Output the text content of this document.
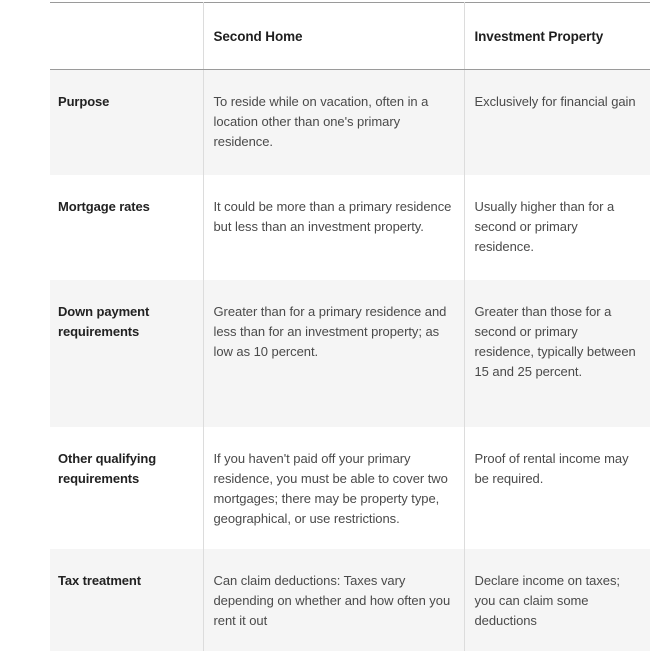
	Second Home	Investment Property

Purpose	To reside while on vacation, often in a location other than one's primary residence.	Exclusively for financial gain

Mortgage rates	It could be more than a primary residence but less than an investment property.	Usually higher than for a second or primary residence.

Down payment requirements	Greater than for a primary residence and less than for an investment property; as low as 10 percent.	Greater than those for a second or primary residence, typically between 15 and 25 percent.

Other qualifying requirements	If you haven't paid off your primary residence, you must be able to cover two mortgages; there may be property type, geographical, or use restrictions.	Proof of rental income may be required.

Tax treatment	Can claim deductions: Taxes vary depending on whether and how often you rent it out	Declare income on taxes; you can claim some deductions
